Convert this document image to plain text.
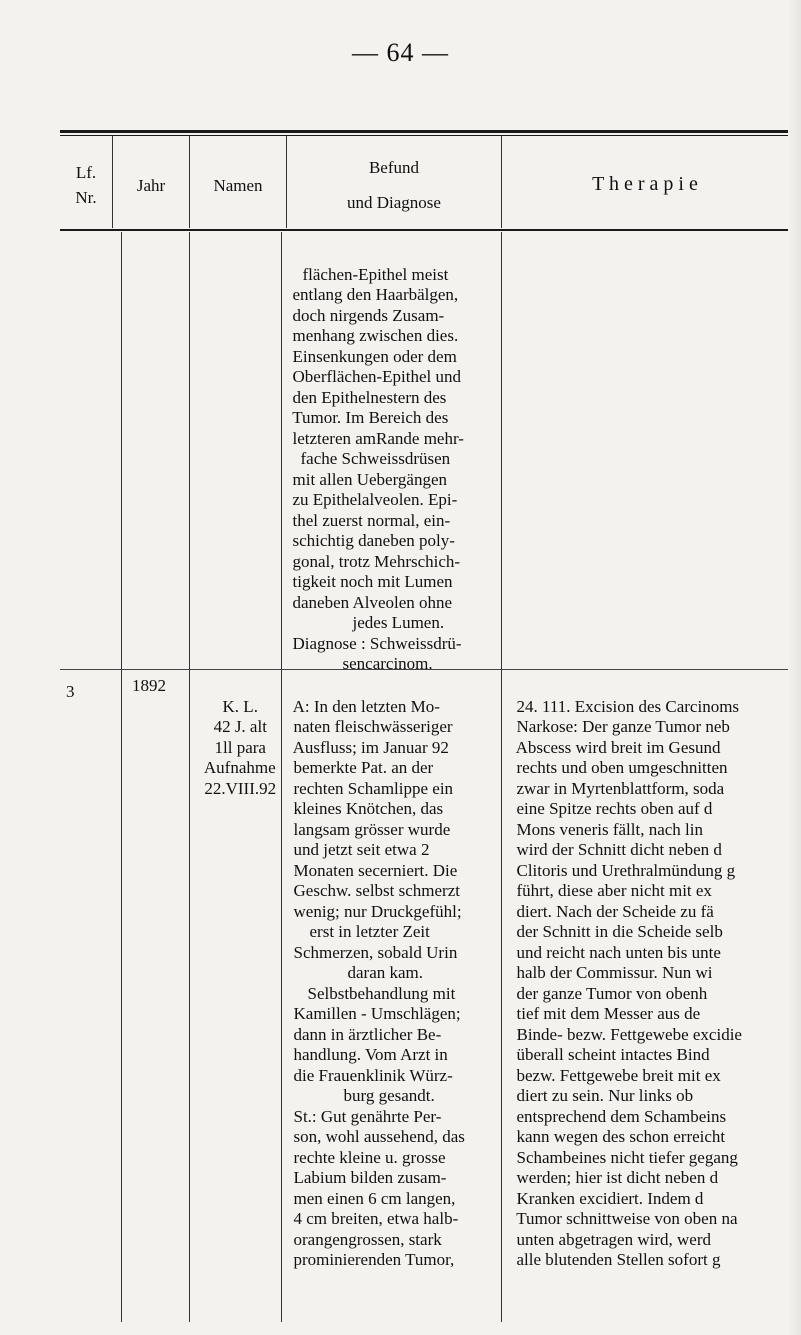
— 64 —
Lf.
Nr.
Jahr	Namen
Befund
und Diagnose
T h e r a p i e

flächen-Epithel meist
entlang den Haarbälgen,
doch nirgends Zusam-
menhang zwischen dies.
Einsenkungen oder dem
Oberflächen-Epithel und
den Epithelnestern des
Tumor. Im Bereich des
letzteren amRande mehr-
fache Schweissdrüsen
mit allen Uebergängen
zu Epithelalveolen. Epi-
thel zuerst normal, ein-
schichtig daneben poly-
gonal, trotz Mehrschich-
tigkeit noch mit Lumen
daneben Alveolen ohne
jedes Lumen.
Diagnose : Schweissdrü-
sencarcinom.

3	1892

K. L.
42 J. alt
1ll para
Aufnahme
22.VIII.92

A: In den letzten Mo-
naten fleischwässeriger
Ausfluss; im Januar 92
bemerkte Pat. an der
rechten Schamlippe ein
kleines Knötchen, das
langsam grösser wurde
und jetzt seit etwa 2
Monaten secerniert. Die
Geschw. selbst schmerzt
wenig; nur Druckgefühl;
erst in letzter Zeit
Schmerzen, sobald Urin
daran kam.
Selbstbehandlung mit
Kamillen - Umschlägen;
dann in ärztlicher Be-
handlung. Vom Arzt in
die Frauenklinik Würz-
burg gesandt.
St.: Gut genährte Per-
son, wohl aussehend, das
rechte kleine u. grosse
Labium bilden zusam-
men einen 6 cm langen,
4 cm breiten, etwa halb-
orangengrossen, stark
prominierenden Tumor,

24. 111. Excision des Carcinoms
Narkose: Der ganze Tumor neb
Abscess wird breit im Gesund
rechts und oben umgeschnitten
zwar in Myrtenblattform, soda
eine Spitze rechts oben auf d
Mons veneris fällt, nach lin
wird der Schnitt dicht neben d
Clitoris und Urethralmündung g
führt, diese aber nicht mit ex
diert. Nach der Scheide zu fä
der Schnitt in die Scheide selb
und reicht nach unten bis unte
halb der Commissur. Nun wi
der ganze Tumor von obenh
tief mit dem Messer aus de
Binde- bezw. Fettgewebe excidie
überall scheint intactes Bind
bezw. Fettgewebe breit mit ex
diert zu sein. Nur links ob
entsprechend dem Schambeins
kann wegen des schon erreicht
Schambeines nicht tiefer gegang
werden; hier ist dicht neben d
Kranken excidiert. Indem d
Tumor schnittweise von oben na
unten abgetragen wird, werd
alle blutenden Stellen sofort g
